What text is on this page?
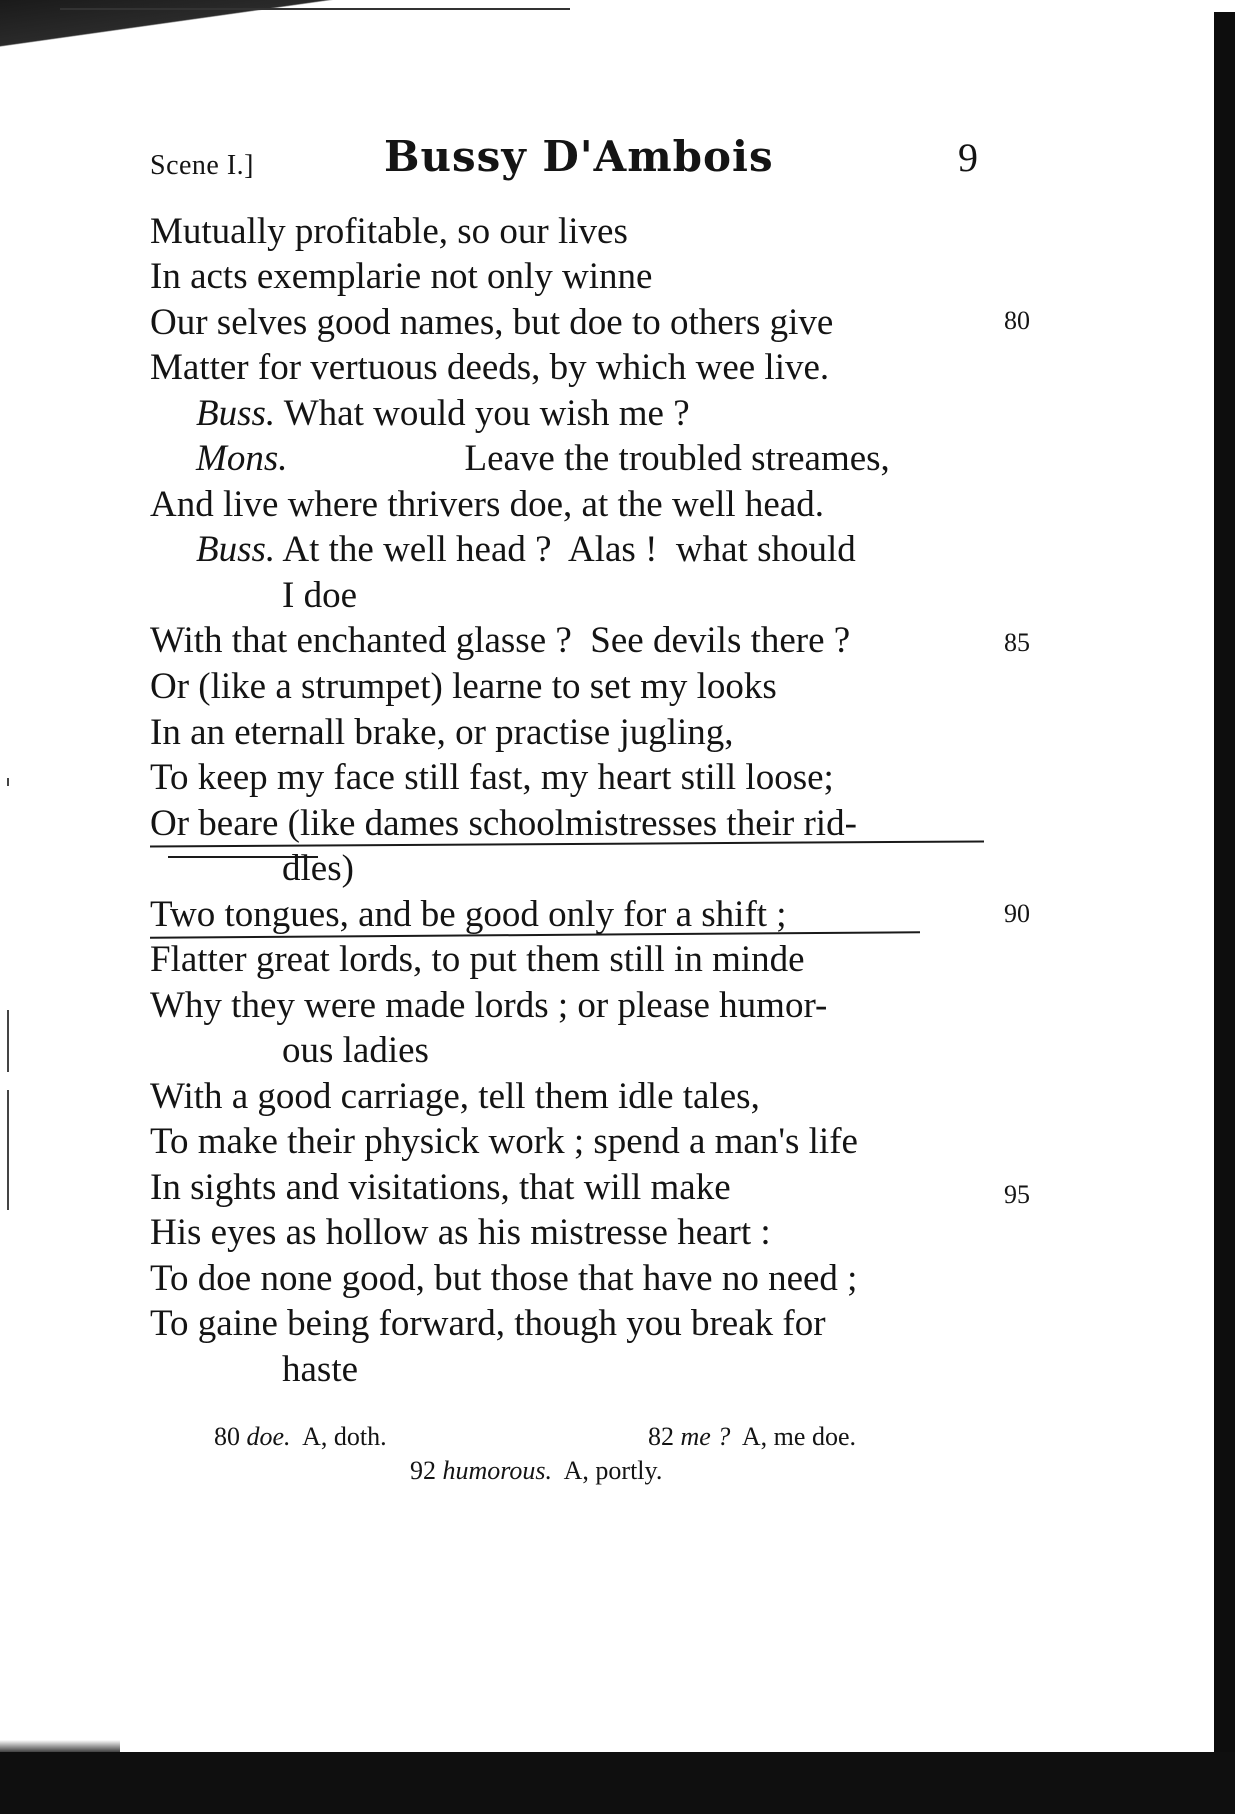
Scene I.]	Bussy D'Ambois	9
Mutually profitable, so our lives
In acts exemplarie not only winne
Our selves good names, but doe to others give	80
Matter for vertuous deeds, by which wee live.
Buss. What would you wish me ?
Mons.	Leave the troubled streames,
And live where thrivers doe, at the well head.
Buss. At the well head ?  Alas !  what should
I doe
With that enchanted glasse ?  See devils there ?	85
Or (like a strumpet) learne to set my looks
In an eternall brake, or practise jugling,
To keep my face still fast, my heart still loose;
Or beare (like dames schoolmistresses their rid-
dles)
Two tongues, and be good only for a shift ;	90
Flatter great lords, to put them still in minde
Why they were made lords ; or please humor-
ous ladies
With a good carriage, tell them idle tales,
To make their physick work ; spend a man's life
In sights and visitations, that will make	95
His eyes as hollow as his mistresse heart :
To doe none good, but those that have no need ;
To gaine being forward, though you break for
haste
80 doe. A, doth.	82 me ? A, me doe.
92 humorous. A, portly.
